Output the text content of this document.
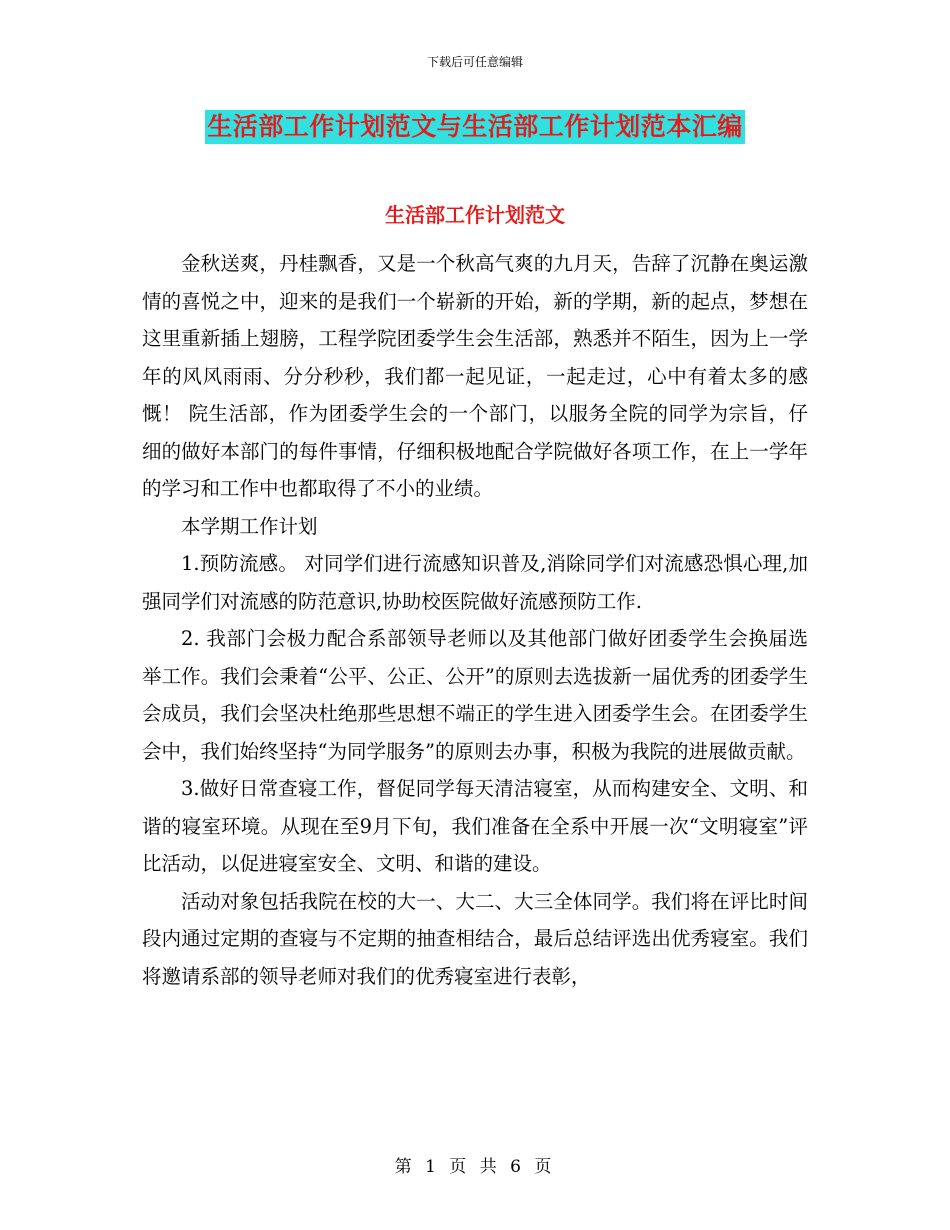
下载后可任意编辑
生活部工作计划范文与生活部工作计划范本汇编
生活部工作计划范文

金秋送爽，丹桂飘香，又是一个秋高气爽的九月天，告辞了沉静在奥运激情的喜悦之中，迎来的是我们一个崭新的开始，新的学期，新的起点，梦想在这里重新插上翅膀，工程学院团委学生会生活部，熟悉并不陌生，因为上一学年的风风雨雨、分分秒秒，我们都一起见证，一起走过，心中有着太多的感慨！ 院生活部，作为团委学生会的一个部门，以服务全院的同学为宗旨，仔细的做好本部门的每件事情，仔细积极地配合学院做好各项工作，在上一学年的学习和工作中也都取得了不小的业绩。

本学期工作计划

1.预防流感。 对同学们进行流感知识普及,消除同学们对流感恐惧心理,加强同学们对流感的防范意识,协助校医院做好流感预防工作.

2. 我部门会极力配合系部领导老师以及其他部门做好团委学生会换届选举工作。我们会秉着“公平、公正、公开”的原则去选拔新一届优秀的团委学生会成员，我们会坚决杜绝那些思想不端正的学生进入团委学生会。在团委学生会中，我们始终坚持“为同学服务”的原则去办事，积极为我院的进展做贡献。

3.做好日常查寝工作，督促同学每天清洁寝室，从而构建安全、文明、和谐的寝室环境。从现在至9月下旬，我们准备在全系中开展一次“文明寝室”评比活动，以促进寝室安全、文明、和谐的建设。

活动对象包括我院在校的大一、大二、大三全体同学。我们将在评比时间段内通过定期的查寝与不定期的抽查相结合，最后总结评选出优秀寝室。我们将邀请系部的领导老师对我们的优秀寝室进行表彰，

第 1 页 共 6 页
